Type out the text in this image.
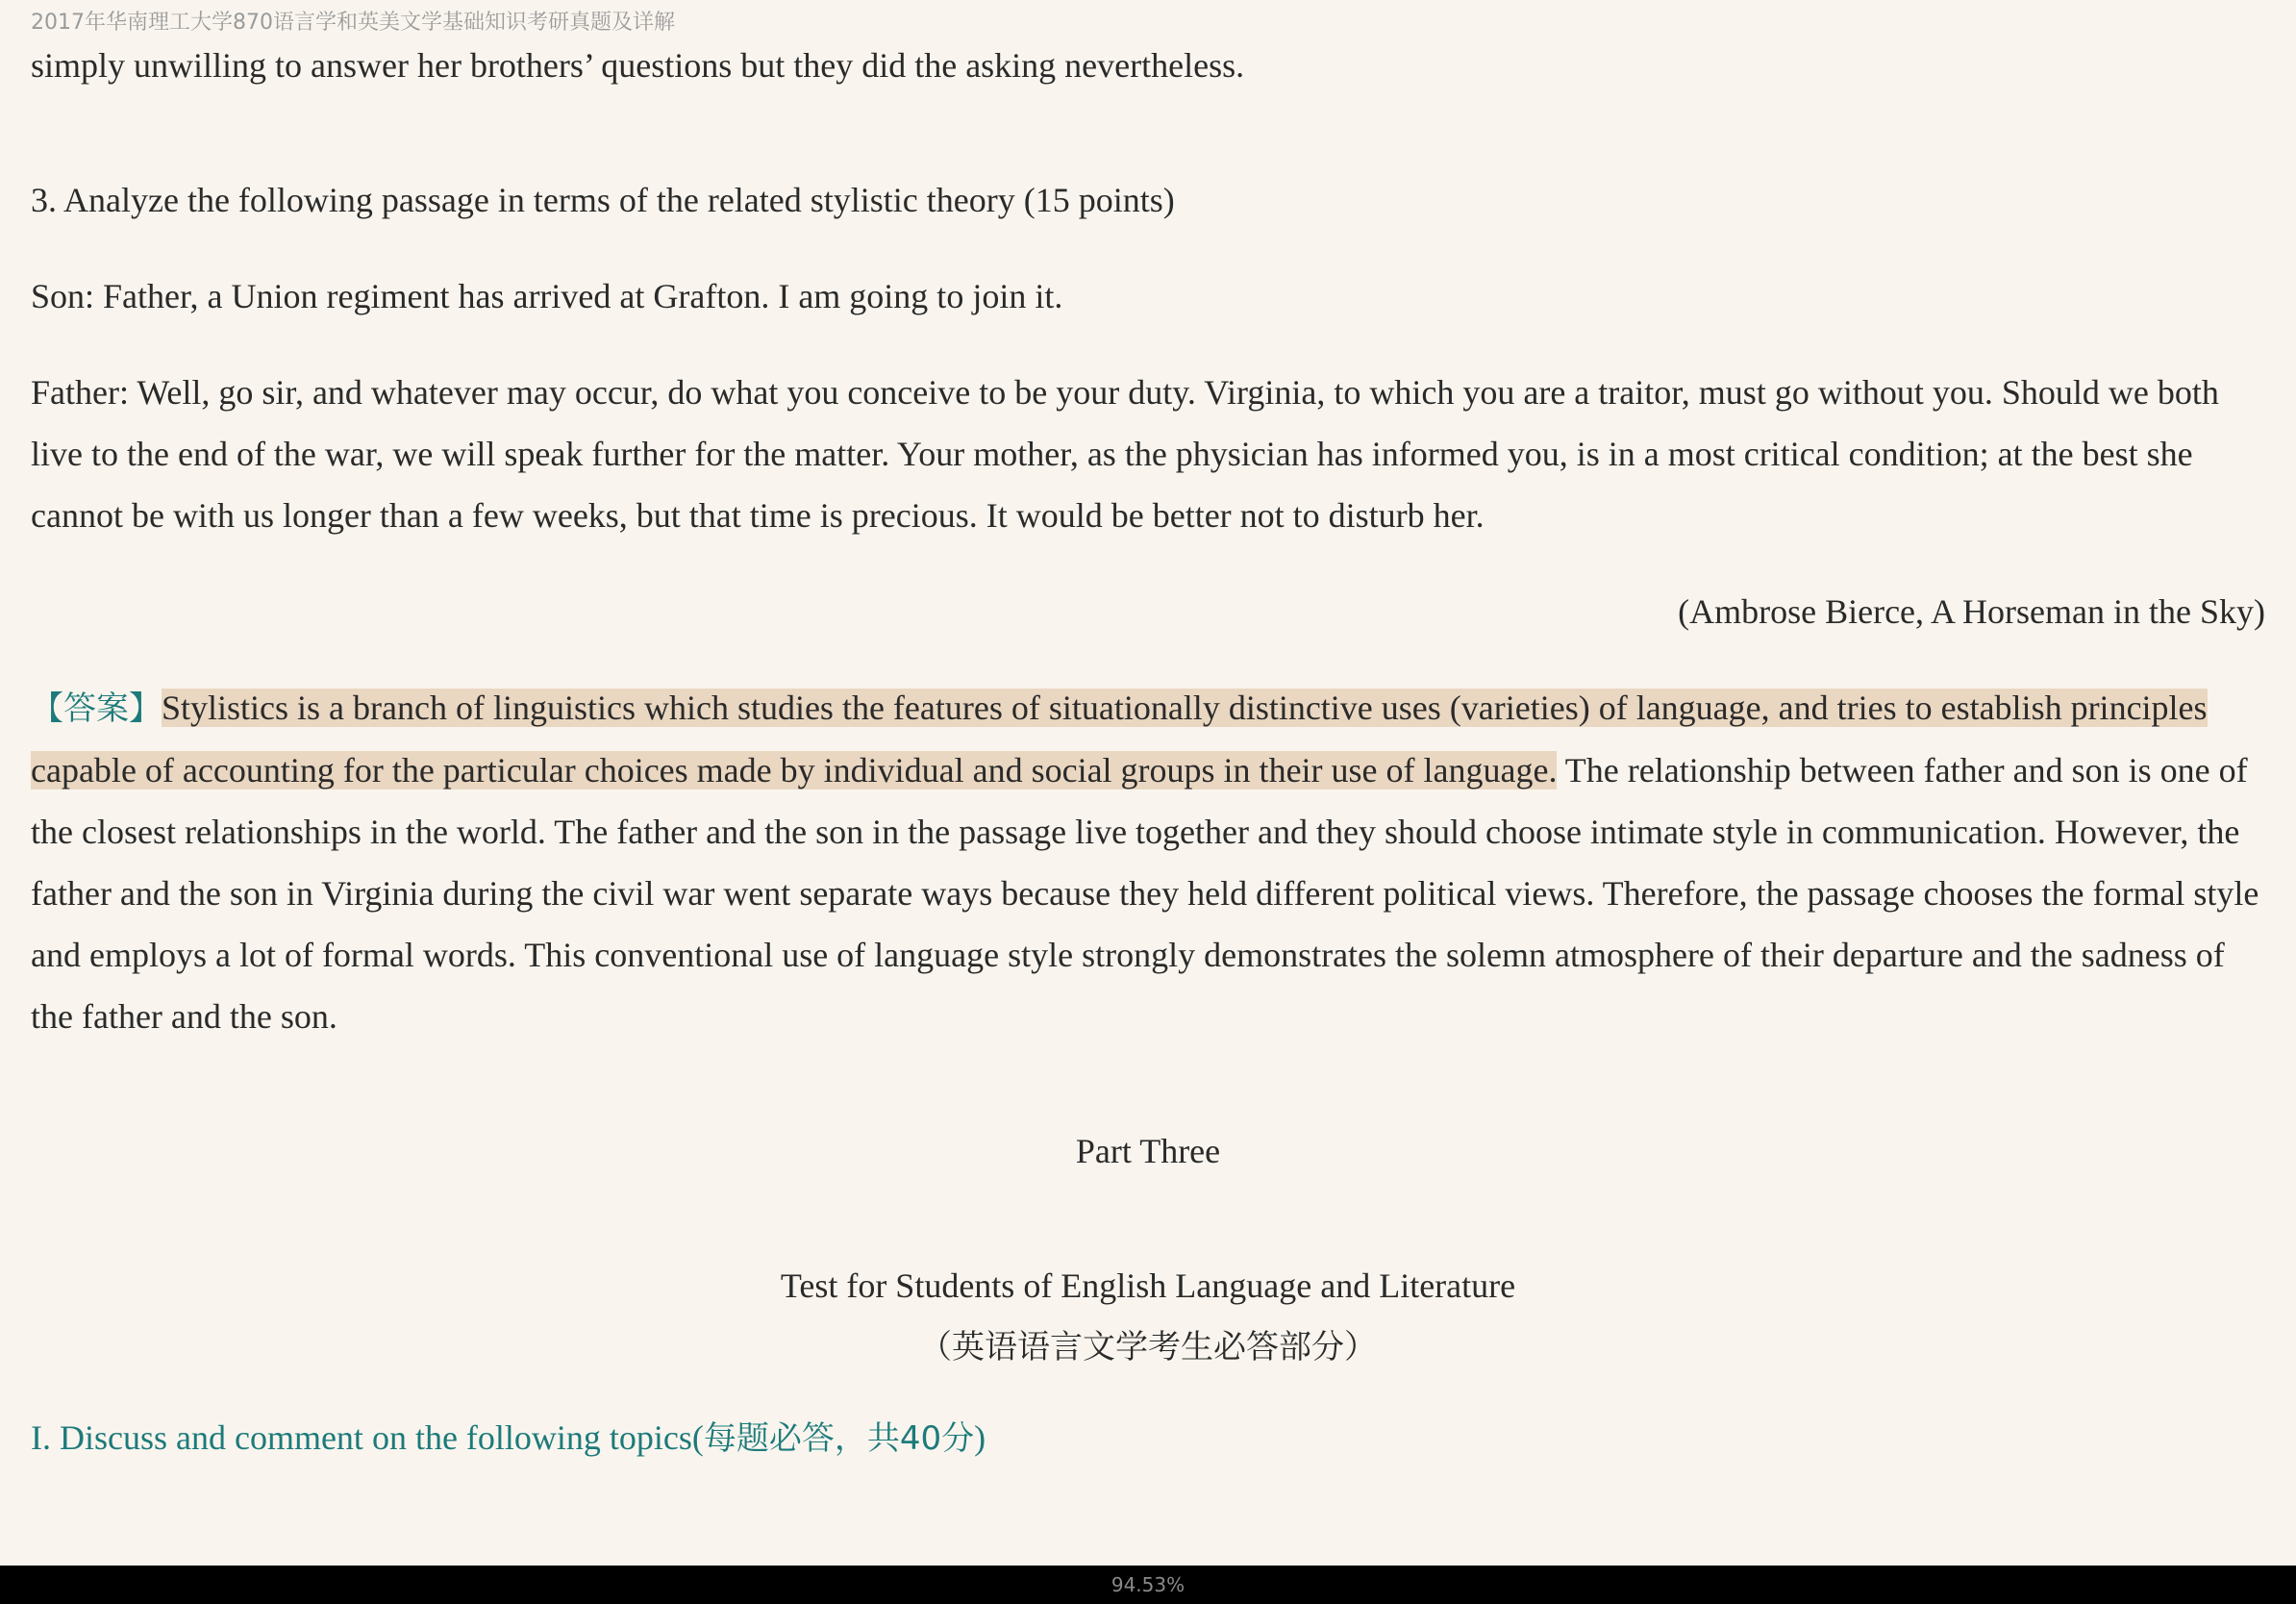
2017年华南理工大学870语言学和英美文学基础知识考研真题及详解

simply unwilling to answer her brothers’ questions but they did the asking nevertheless.

3. Analyze the following passage in terms of the related stylistic theory (15 points)

Son: Father, a Union regiment has arrived at Grafton. I am going to join it.

Father: Well, go sir, and whatever may occur, do what you conceive to be your duty. Virginia, to which you are a traitor, must go without you. Should we both live to the end of the war, we will speak further for the matter. Your mother, as the physician has informed you, is in a most critical condition; at the best she cannot be with us longer than a few weeks, but that time is precious. It would be better not to disturb her.

(Ambrose Bierce, A Horseman in the Sky)

【答案】Stylistics is a branch of linguistics which studies the features of situationally distinctive uses (varieties) of language, and tries to establish principles capable of accounting for the particular choices made by individual and social groups in their use of language. The relationship between father and son is one of the closest relationships in the world. The father and the son in the passage live together and they should choose intimate style in communication. However, the father and the son in Virginia during the civil war went separate ways because they held different political views. Therefore, the passage chooses the formal style and employs a lot of formal words. This conventional use of language style strongly demonstrates the solemn atmosphere of their departure and the sadness of the father and the son.

Part Three

Test for Students of English Language and Literature

（英语语言文学考生必答部分）

I. Discuss and comment on the following topics(每题必答，共40分)

94.53%
